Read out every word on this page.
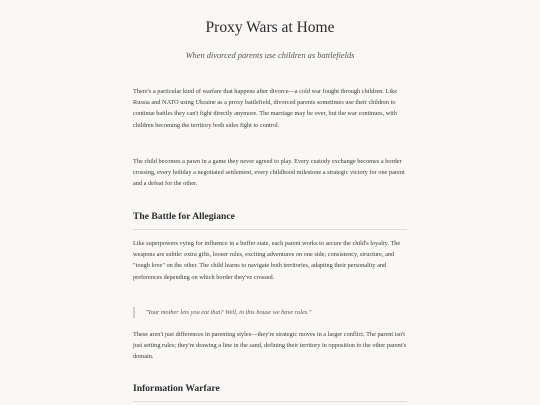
Proxy Wars at Home

When divorced parents use children as battlefields

There's a particular kind of warfare that happens after divorce—a cold war fought through children. Like Russia and NATO using Ukraine as a proxy battlefield, divorced parents sometimes use their children to continue battles they can't fight directly anymore. The marriage may be over, but the war continues, with children becoming the territory both sides fight to control.

The child becomes a pawn in a game they never agreed to play. Every custody exchange becomes a border crossing, every holiday a negotiated settlement, every childhood milestone a strategic victory for one parent and a defeat for the other.

The Battle for Allegiance

Like superpowers vying for influence in a buffer state, each parent works to secure the child's loyalty. The weapons are subtle: extra gifts, looser rules, exciting adventures on one side; consistency, structure, and "tough love" on the other. The child learns to navigate both territories, adapting their personality and preferences depending on which border they've crossed.

"Your mother lets you eat that? Well, in this house we have rules."

These aren't just differences in parenting styles—they're strategic moves in a larger conflict. The parent isn't just setting rules; they're drawing a line in the sand, defining their territory in opposition to the other parent's domain.

Information Warfare
